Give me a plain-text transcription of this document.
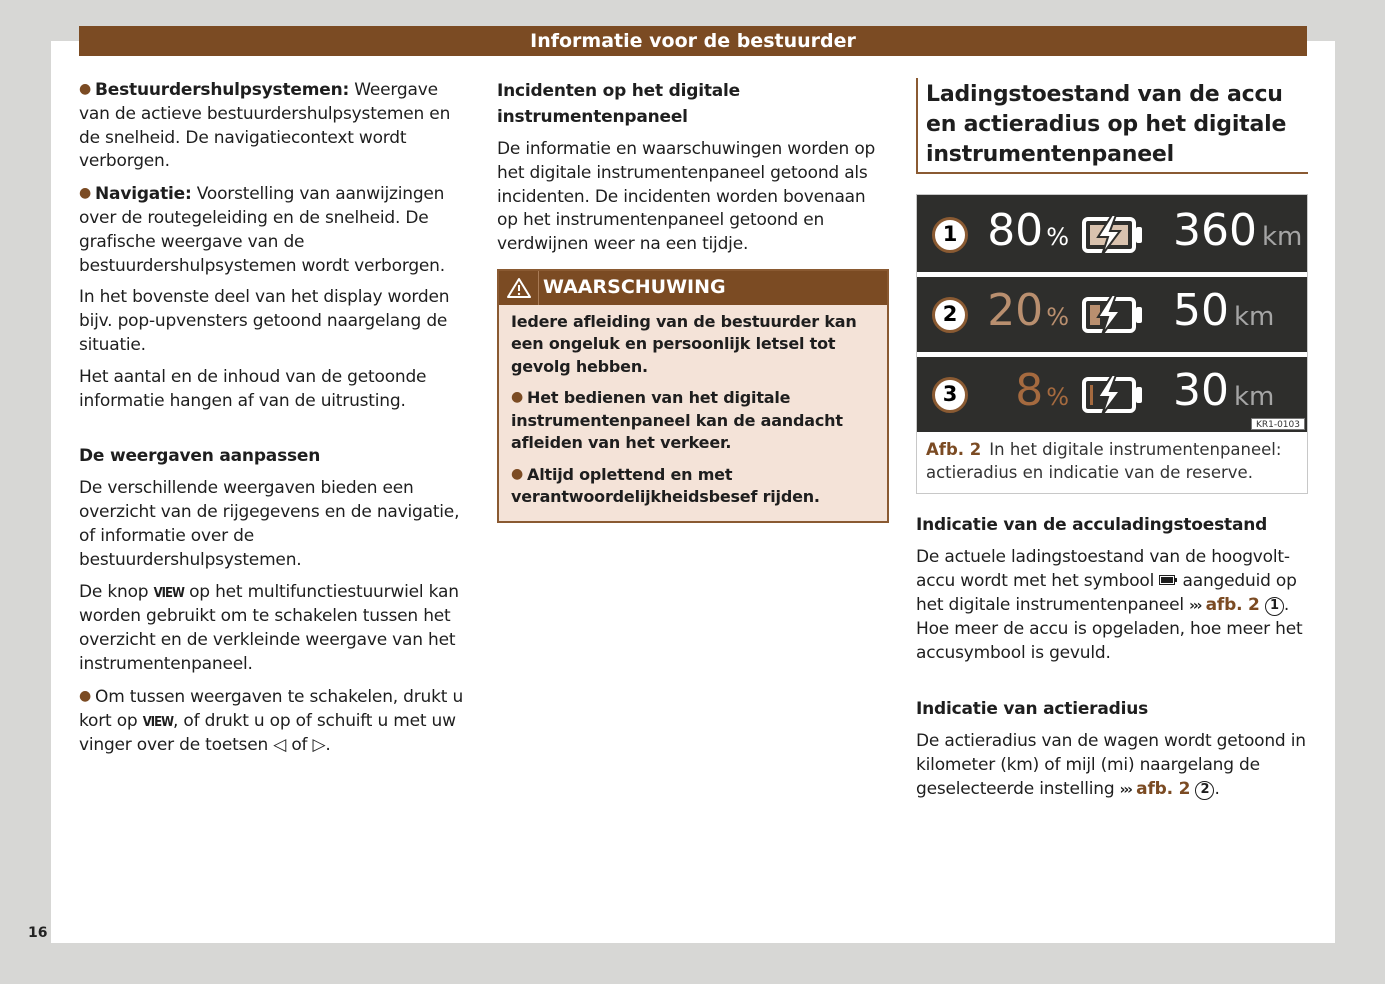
Informatie voor de bestuurder

● Bestuurdershulpsystemen: Weergave van de actieve bestuurdershulpsystemen en de snelheid. De navigatiecontext wordt verborgen.

● Navigatie: Voorstelling van aanwijzingen over de routegeleiding en de snelheid. De grafische weergave van de bestuurdershulpsystemen wordt verborgen.

In het bovenste deel van het display worden bijv. pop-upvensters getoond naargelang de situatie.

Het aantal en de inhoud van de getoonde informatie hangen af van de uitrusting.

De weergaven aanpassen

De verschillende weergaven bieden een overzicht van de rijgegevens en de navigatie, of informatie over de bestuurdershulpsystemen.

De knop VIEW op het multifunctiestuurwiel kan worden gebruikt om te schakelen tussen het overzicht en de verkleinde weergave van het instrumentenpaneel.

● Om tussen weergaven te schakelen, drukt u kort op VIEW, of drukt u op of schuift u met uw vinger over de toetsen ◁ of ▷.

Incidenten op het digitale instrumentenpaneel

De informatie en waarschuwingen worden op het digitale instrumentenpaneel getoond als incidenten. De incidenten worden bovenaan op het instrumentenpaneel getoond en verdwijnen weer na een tijdje.

WAARSCHUWING

Iedere afleiding van de bestuurder kan een ongeluk en persoonlijk letsel tot gevolg hebben.

● Het bedienen van het digitale instrumentenpaneel kan de aandacht afleiden van het verkeer.

● Altijd oplettend en met verantwoordelijkheidsbesef rijden.

Ladingstoestand van de accu en actieradius op het digitale instrumentenpaneel
1 80 % 360 km
2 20 % 50 km
3 8 % 30 km
KR1-0103
Afb. 2 In het digitale instrumentenpaneel: actieradius en indicatie van de reserve.
Indicatie van de acculadingstoestand

De actuele ladingstoestand van de hoogvolt-accu wordt met het symbool  aangeduid op het digitale instrumentenpaneel ››› afb. 2 1 . Hoe meer de accu is opgeladen, hoe meer het accusymbool is gevuld.

Indicatie van actieradius

De actieradius van de wagen wordt getoond in kilometer (km) of mijl (mi) naargelang de geselecteerde instelling ››› afb. 2 2 .

16
